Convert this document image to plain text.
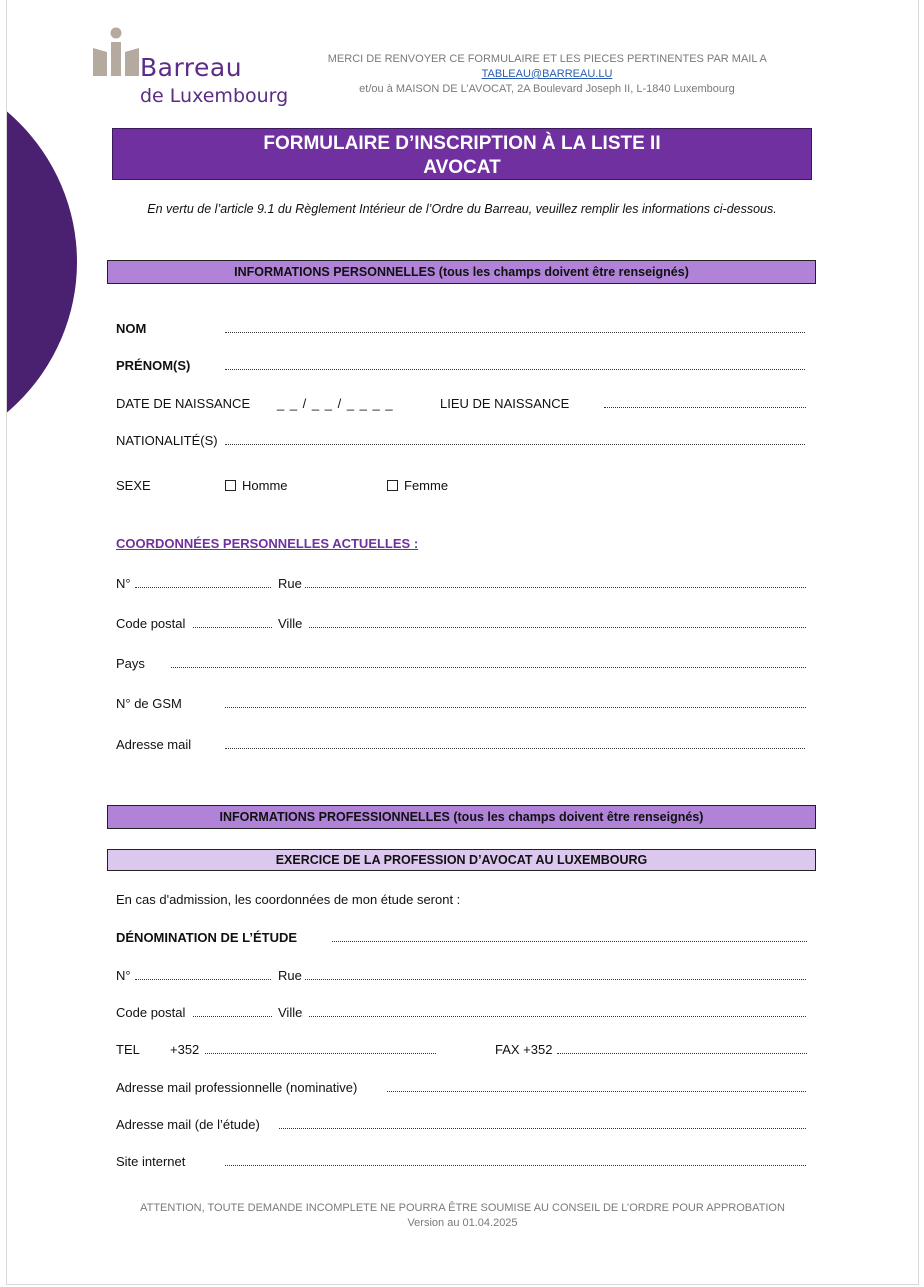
Barreau
de Luxembourg
MERCI DE RENVOYER CE FORMULAIRE ET LES PIECES PERTINENTES PAR MAIL A TABLEAU@BARREAU.LU
et/ou à MAISON DE L’AVOCAT, 2A Boulevard Joseph II, L-1840 Luxembourg
FORMULAIRE D’INSCRIPTION À LA LISTE II
AVOCAT
En vertu de l’article 9.1 du Règlement Intérieur de l’Ordre du Barreau, veuillez remplir les informations ci-dessous.
INFORMATIONS PERSONNELLES (tous les champs doivent être renseignés)
NOM
PRÉNOM(S)
DATE DE NAISSANCE _ _ / _ _ / _ _ _ _	LIEU DE NAISSANCE
NATIONALITÉ(S)
SEXE	Homme	Femme
COORDONNÉES PERSONNELLES ACTUELLES :
N°	Rue
Code postal	Ville
Pays
N° de GSM
Adresse mail
INFORMATIONS PROFESSIONNELLES (tous les champs doivent être renseignés)
EXERCICE DE LA PROFESSION D’AVOCAT AU LUXEMBOURG
En cas d'admission, les coordonnées de mon étude seront :
DÉNOMINATION DE L’ÉTUDE
N°	Rue
Code postal	Ville
TEL +352	FAX +352
Adresse mail professionnelle (nominative)
Adresse mail (de l’étude)
Site internet
ATTENTION, TOUTE DEMANDE INCOMPLETE NE POURRA ÊTRE SOUMISE AU CONSEIL DE L’ORDRE POUR APPROBATION
Version au 01.04.2025
